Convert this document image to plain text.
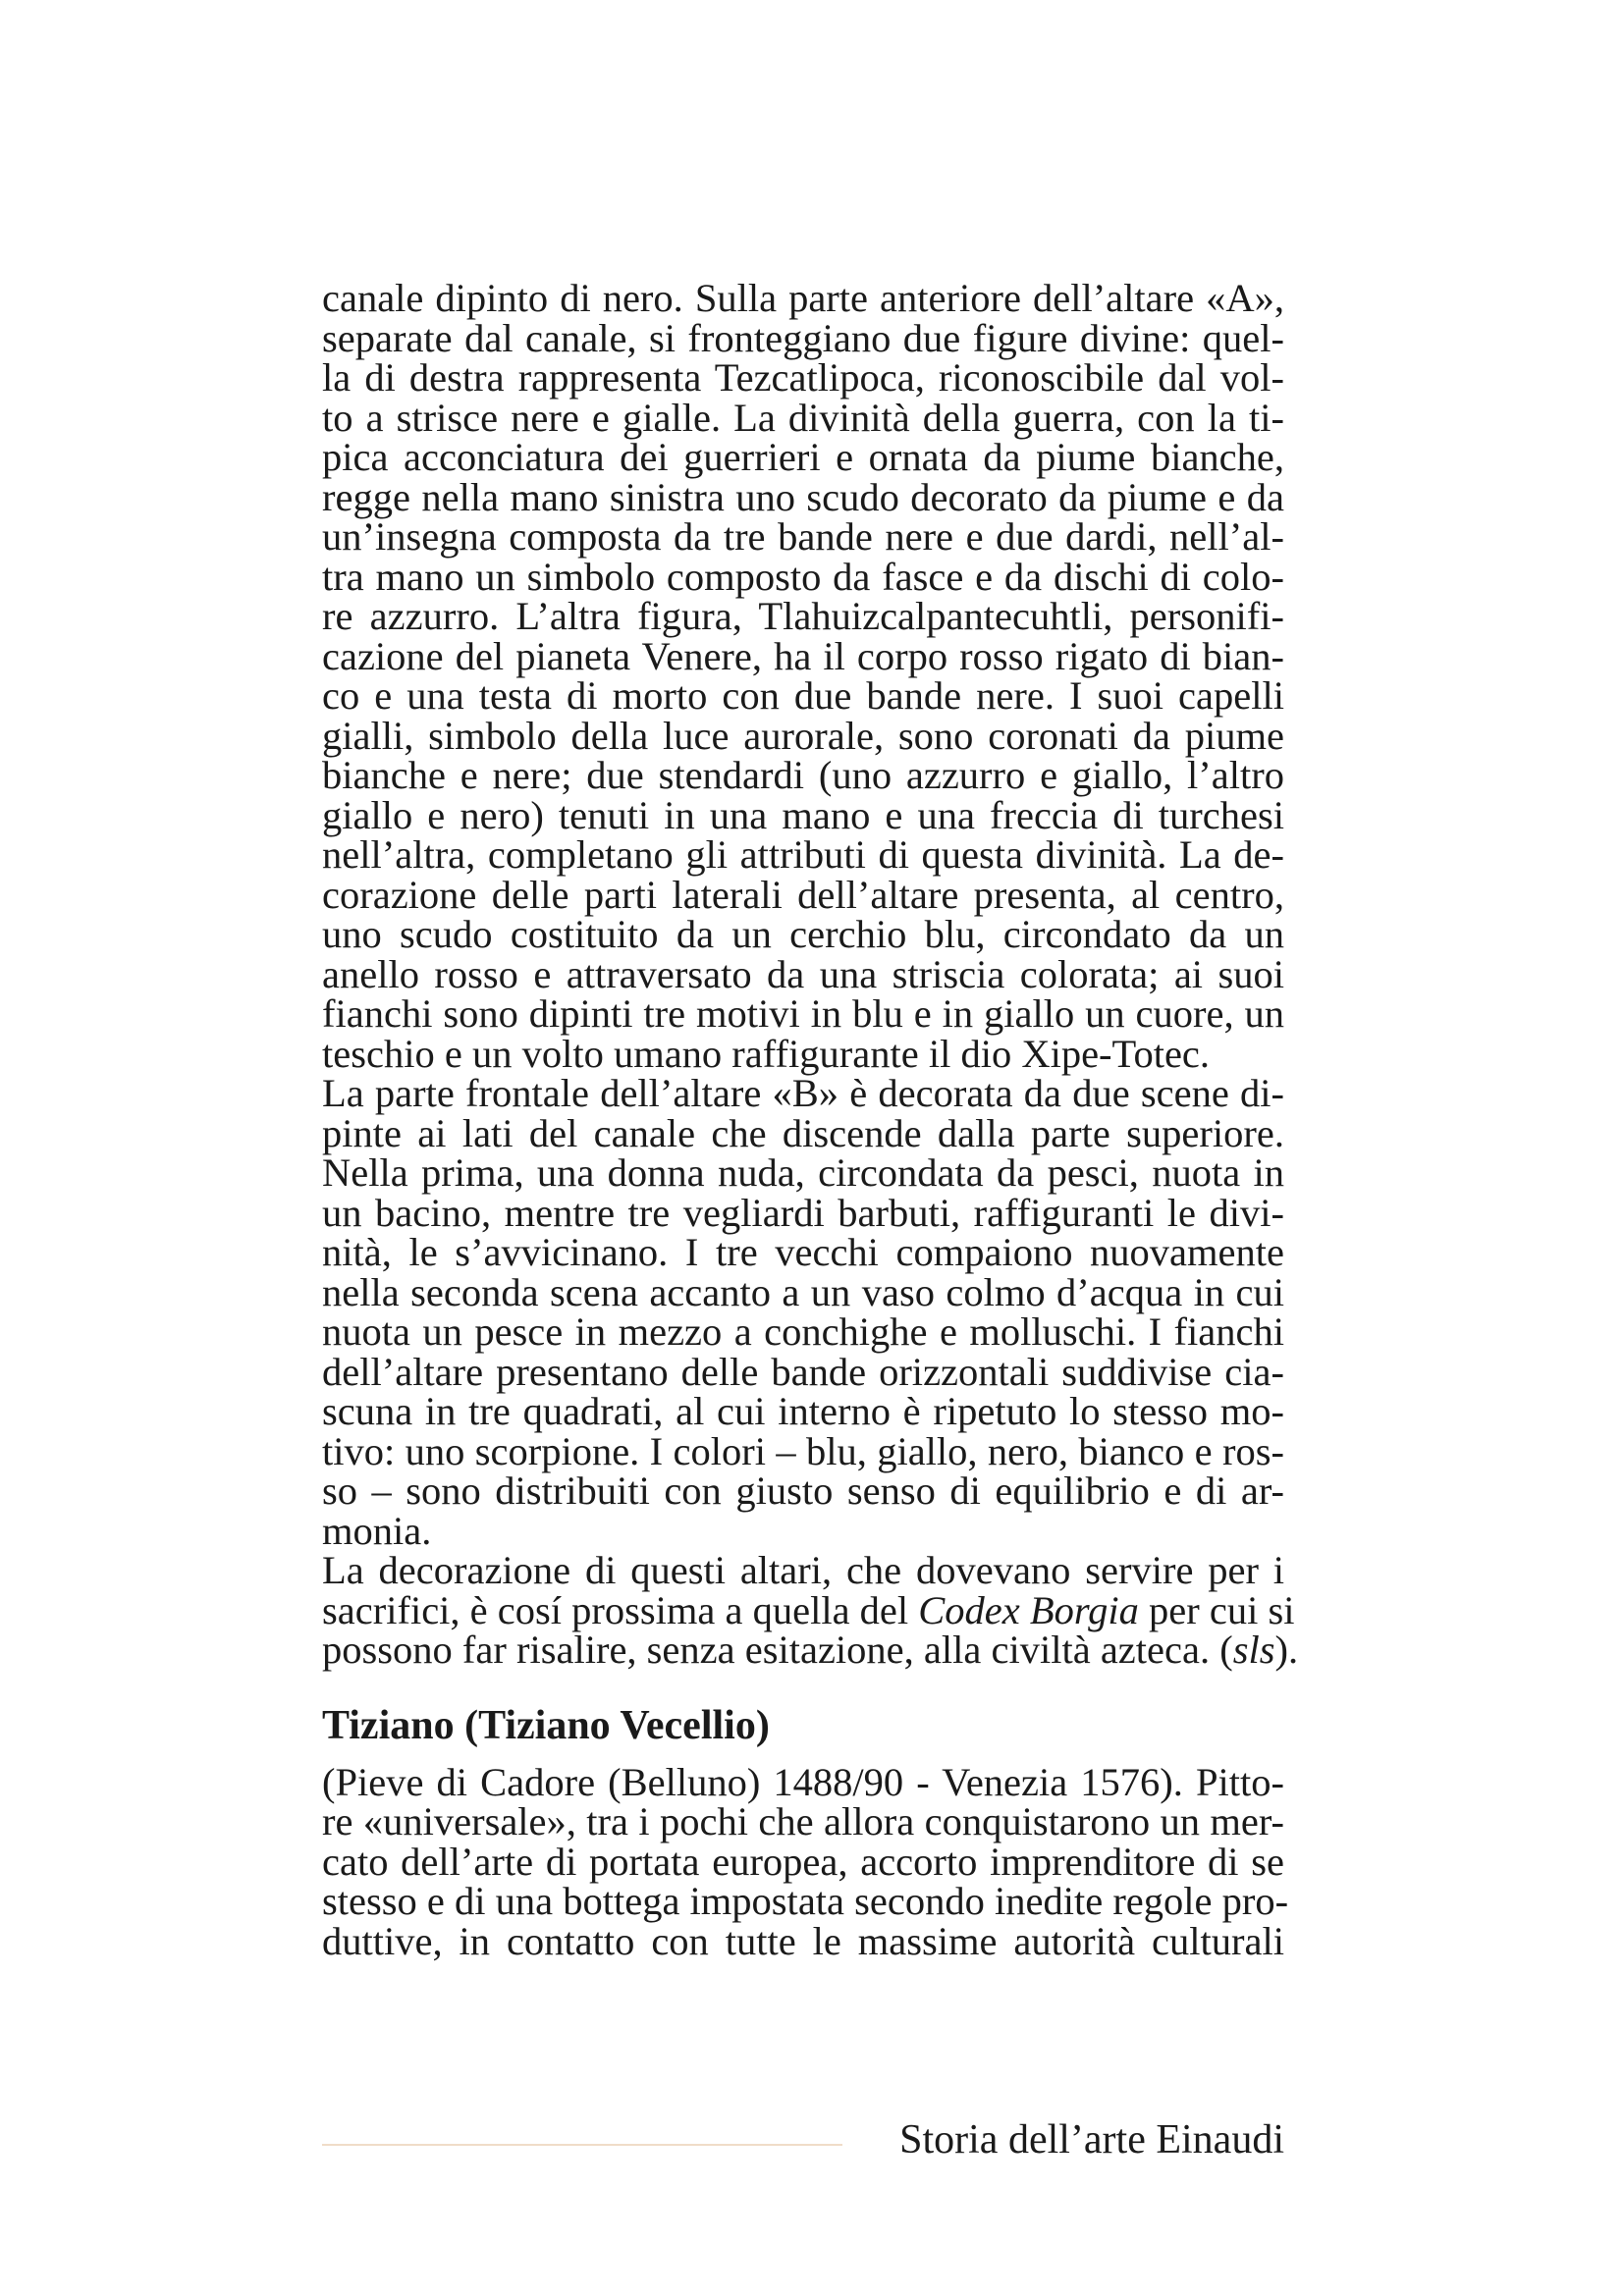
canale dipinto di nero. Sulla parte anteriore dell’altare «A»,
separate dal canale, si fronteggiano due figure divine: quel-
la di destra rappresenta Tezcatlipoca, riconoscibile dal vol-
to a strisce nere e gialle. La divinità della guerra, con la ti-
pica acconciatura dei guerrieri e ornata da piume bianche,
regge nella mano sinistra uno scudo decorato da piume e da
un’insegna composta da tre bande nere e due dardi, nell’al-
tra mano un simbolo composto da fasce e da dischi di colo-
re azzurro. L’altra figura, Tlahuizcalpantecuhtli, personifi-
cazione del pianeta Venere, ha il corpo rosso rigato di bian-
co e una testa di morto con due bande nere. I suoi capelli
gialli, simbolo della luce aurorale, sono coronati da piume
bianche e nere; due stendardi (uno azzurro e giallo, l’altro
giallo e nero) tenuti in una mano e una freccia di turchesi
nell’altra, completano gli attributi di questa divinità. La de-
corazione delle parti laterali dell’altare presenta, al centro,
uno scudo costituito da un cerchio blu, circondato da un
anello rosso e attraversato da una striscia colorata; ai suoi
fianchi sono dipinti tre motivi in blu e in giallo un cuore, un
teschio e un volto umano raffigurante il dio Xipe-Totec.
La parte frontale dell’altare «B» è decorata da due scene di-
pinte ai lati del canale che discende dalla parte superiore.
Nella prima, una donna nuda, circondata da pesci, nuota in
un bacino, mentre tre vegliardi barbuti, raffiguranti le divi-
nità, le s’avvicinano. I tre vecchi compaiono nuovamente
nella seconda scena accanto a un vaso colmo d’acqua in cui
nuota un pesce in mezzo a conchighe e molluschi. I fianchi
dell’altare presentano delle bande orizzontali suddivise cia-
scuna in tre quadrati, al cui interno è ripetuto lo stesso mo-
tivo: uno scorpione. I colori – blu, giallo, nero, bianco e ros-
so – sono distribuiti con giusto senso di equilibrio e di ar-
monia.
La decorazione di questi altari, che dovevano servire per i
sacrifici, è cosí prossima a quella del Codex Borgia per cui si
possono far risalire, senza esitazione, alla civiltà azteca. (sls).
Tiziano (Tiziano Vecellio)
(Pieve di Cadore (Belluno) 1488/90 - Venezia 1576). Pitto-
re «universale», tra i pochi che allora conquistarono un mer-
cato dell’arte di portata europea, accorto imprenditore di se
stesso e di una bottega impostata secondo inedite regole pro-
duttive, in contatto con tutte le massime autorità culturali
Storia dell’arte Einaudi
